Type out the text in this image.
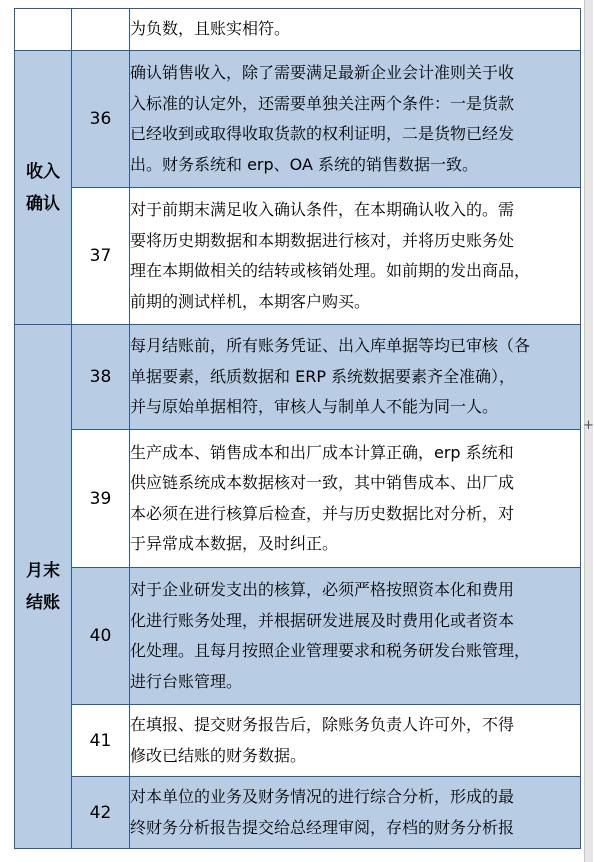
		为负数，且账实相符。

收入
确认	36	确认销售收入，除了需要满足最新企业会计准则关于收
入标准的认定外，还需要单独关注两个条件：一是货款
已经收到或取得收取货款的权利证明，二是货物已经发
出。财务系统和 erp、OA 系统的销售数据一致。

	37	对于前期末满足收入确认条件，在本期确认收入的。需
要将历史期数据和本期数据进行核对，并将历史账务处
理在本期做相关的结转或核销处理。如前期的发出商品，
前期的测试样机，本期客户购买。

月末
结账	38	每月结账前，所有账务凭证、出入库单据等均已审核（各
单据要素，纸质数据和 ERP 系统数据要素齐全准确），
并与原始单据相符，审核人与制单人不能为同一人。

	39	生产成本、销售成本和出厂成本计算正确，erp 系统和
供应链系统成本数据核对一致，其中销售成本、出厂成
本必须在进行核算后检查，并与历史数据比对分析，对
于异常成本数据，及时纠正。

	40	对于企业研发支出的核算，必须严格按照资本化和费用
化进行账务处理，并根据研发进展及时费用化或者资本
化处理。且每月按照企业管理要求和税务研发台账管理，
进行台账管理。

	41	在填报、提交财务报告后，除账务负责人许可外，不得
修改已结账的财务数据。

	42	对本单位的业务及财务情况的进行综合分析，形成的最
终财务分析报告提交给总经理审阅，存档的财务分析报
+
